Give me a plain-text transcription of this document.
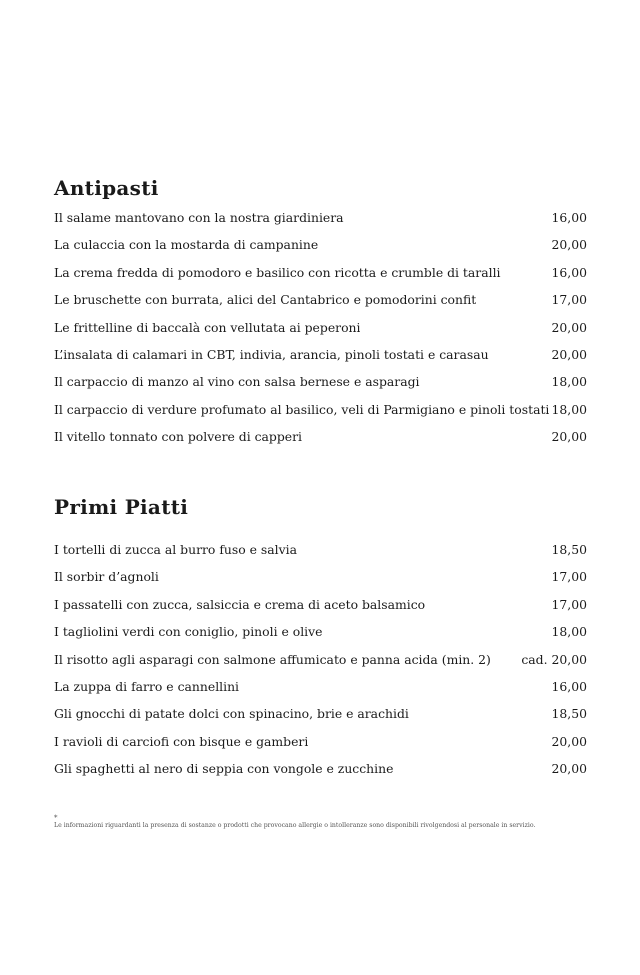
Antipasti
Il salame mantovano con la nostra giardiniera	16,00
La culaccia con la mostarda di campanine	20,00
La crema fredda di pomodoro e basilico con ricotta e crumble di taralli	16,00
Le bruschette con burrata, alici del Cantabrico e pomodorini confit	17,00
Le frittelline di baccalà con vellutata ai peperoni	20,00
L’insalata di calamari in CBT, indivia, arancia, pinoli tostati e carasau	20,00
Il carpaccio di manzo al vino con salsa bernese e asparagi	18,00
Il carpaccio di verdure profumato al basilico, veli di Parmigiano e pinoli tostati 18,00
Il vitello tonnato con polvere di capperi	20,00
Primi Piatti
I tortelli di zucca al burro fuso e salvia	18,50
Il sorbir d’agnoli	17,00
I passatelli con zucca, salsiccia e crema di aceto balsamico	17,00
I tagliolini verdi con coniglio, pinoli e olive	18,00
Il risotto agli asparagi con salmone affumicato e panna acida (min. 2) cad. 20,00
La zuppa di farro e cannellini	16,00
Gli gnocchi di patate dolci con spinacino, brie e arachidi	18,50
I ravioli di carciofi con bisque e gamberi	20,00
Gli spaghetti al nero di seppia con vongole e zucchine	20,00
*
Le informazioni riguardanti la presenza di sostanze o prodotti che provocano allergie o intolleranze sono disponibili rivolgendosi al personale in servizio.
